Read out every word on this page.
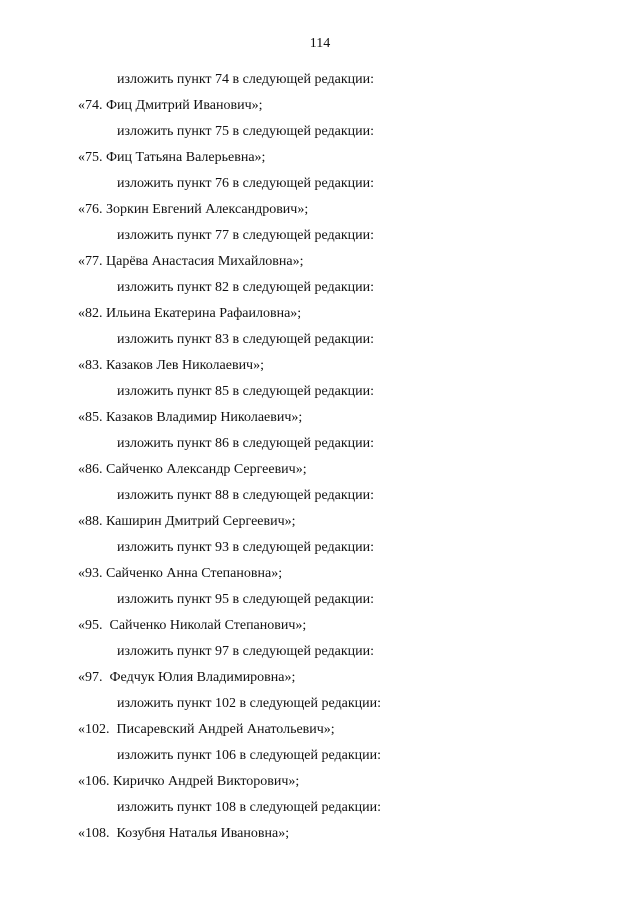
114
изложить пункт 74 в следующей редакции:
«74. Фиц Дмитрий Иванович»;
изложить пункт 75 в следующей редакции:
«75. Фиц Татьяна Валерьевна»;
изложить пункт 76 в следующей редакции:
«76. Зоркин Евгений Александрович»;
изложить пункт 77 в следующей редакции:
«77. Царёва Анастасия Михайловна»;
изложить пункт 82 в следующей редакции:
«82. Ильина Екатерина Рафаиловна»;
изложить пункт 83 в следующей редакции:
«83. Казаков Лев Николаевич»;
изложить пункт 85 в следующей редакции:
«85. Казаков Владимир Николаевич»;
изложить пункт 86 в следующей редакции:
«86. Сайченко Александр Сергеевич»;
изложить пункт 88 в следующей редакции:
«88. Каширин Дмитрий Сергеевич»;
изложить пункт 93 в следующей редакции:
«93. Сайченко Анна Степановна»;
изложить пункт 95 в следующей редакции:
«95.  Сайченко Николай Степанович»;
изложить пункт 97 в следующей редакции:
«97.  Федчук Юлия Владимировна»;
изложить пункт 102 в следующей редакции:
«102.  Писаревский Андрей Анатольевич»;
изложить пункт 106 в следующей редакции:
«106. Киричко Андрей Викторович»;
изложить пункт 108 в следующей редакции:
«108.  Козубня Наталья Ивановна»;
